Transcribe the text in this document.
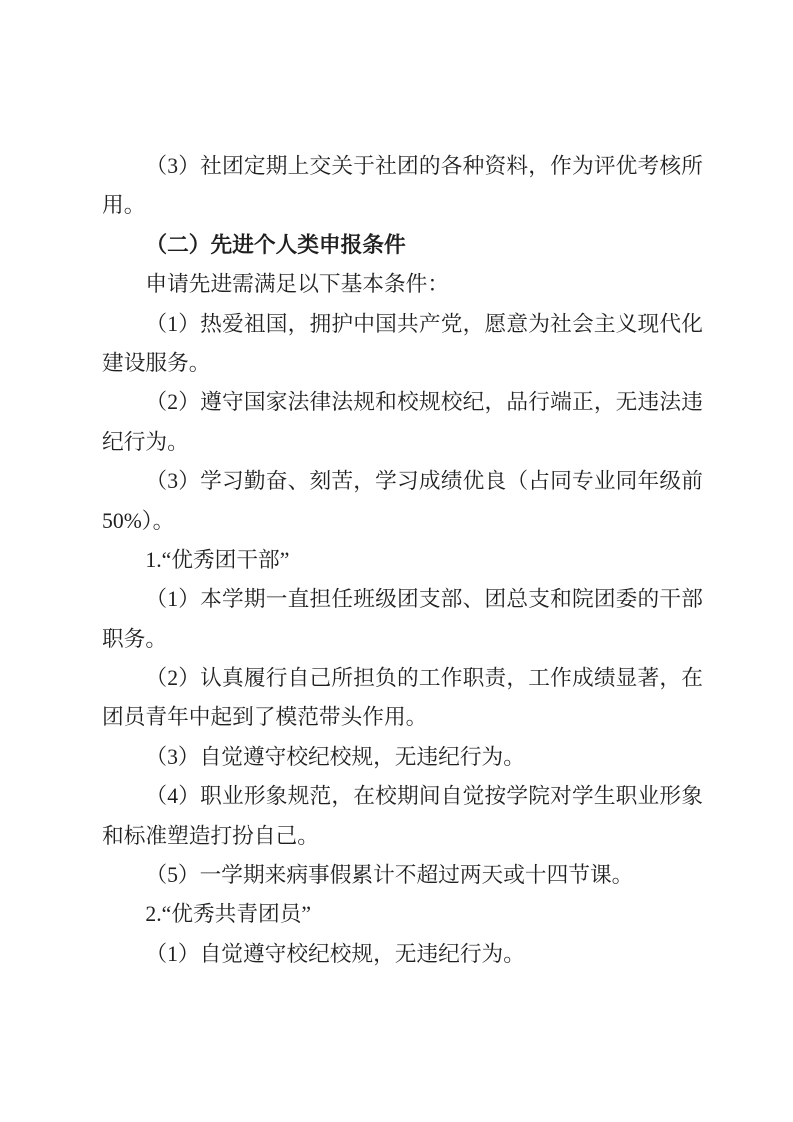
（3）社团定期上交关于社团的各种资料，作为评优考核所

用。

（二）先进个人类申报条件

申请先进需满足以下基本条件：

（1）热爱祖国，拥护中国共产党，愿意为社会主义现代化

建设服务。

（2）遵守国家法律法规和校规校纪，品行端正，无违法违

纪行为。

（3）学习勤奋、刻苦，学习成绩优良（占同专业同年级前

50%）。

1.“优秀团干部”

（1）本学期一直担任班级团支部、团总支和院团委的干部

职务。

（2）认真履行自己所担负的工作职责，工作成绩显著，在

团员青年中起到了模范带头作用。

（3）自觉遵守校纪校规，无违纪行为。

（4）职业形象规范，在校期间自觉按学院对学生职业形象

和标准塑造打扮自己。

（5）一学期来病事假累计不超过两天或十四节课。

2.“优秀共青团员”

（1）自觉遵守校纪校规，无违纪行为。
